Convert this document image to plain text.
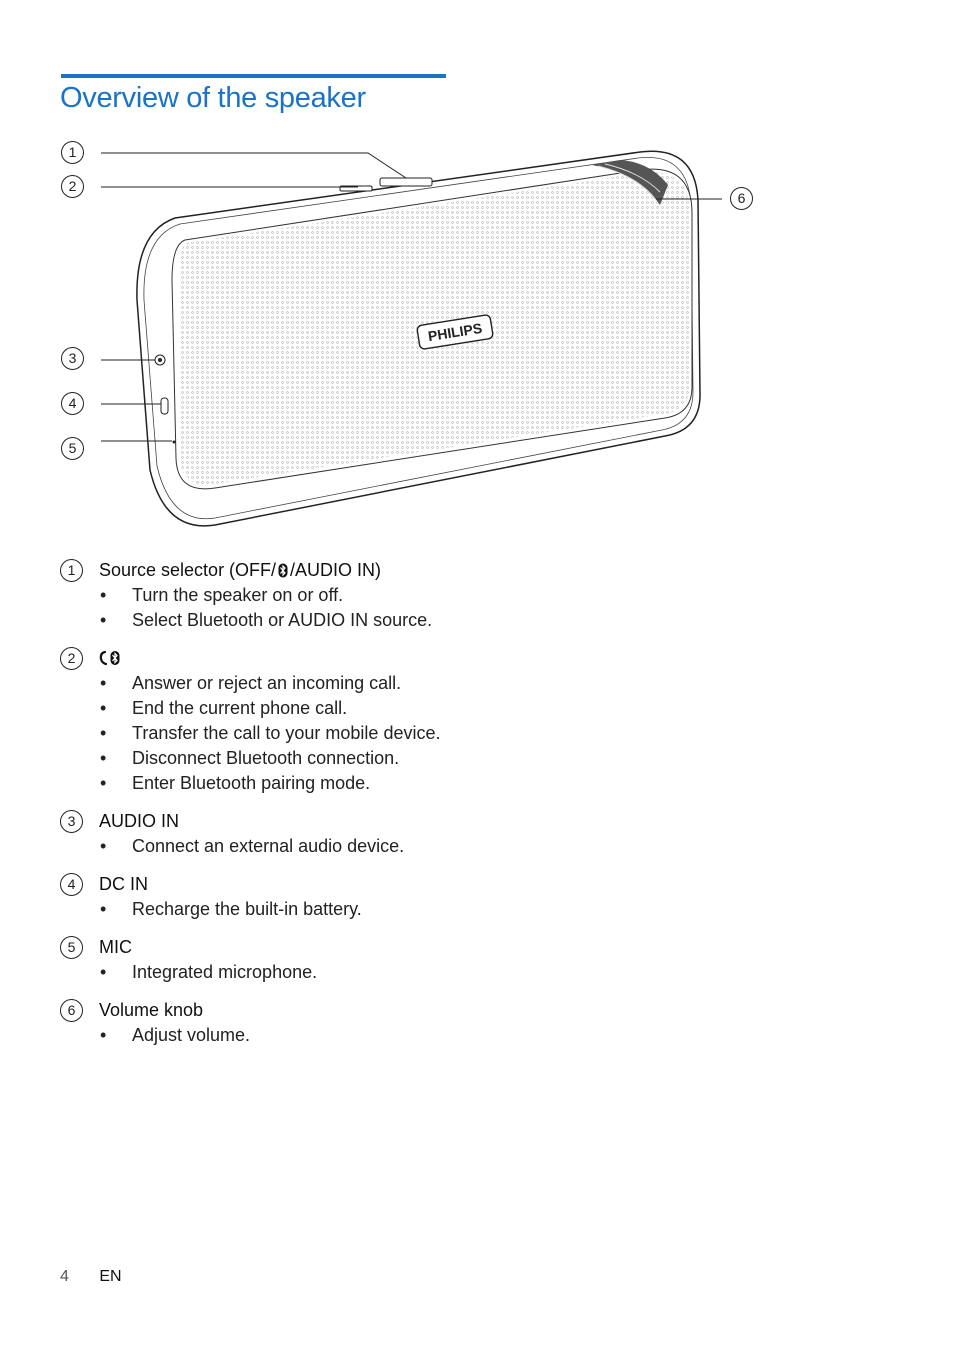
Overview of the speaker
PHILIPS
1
2
3
4
5
6
1	Source selector (OFF/ /AUDIO IN)
• Turn the speaker on or off.
• Select Bluetooth or AUDIO IN source.
2
• Answer or reject an incoming call.
• End the current phone call.
• Transfer the call to your mobile device.
• Disconnect Bluetooth connection.
• Enter Bluetooth pairing mode.
3	AUDIO IN
• Connect an external audio device.
4	DC IN
• Recharge the built-in battery.
5	MIC
• Integrated microphone.
6	Volume knob
• Adjust volume.
4 EN
